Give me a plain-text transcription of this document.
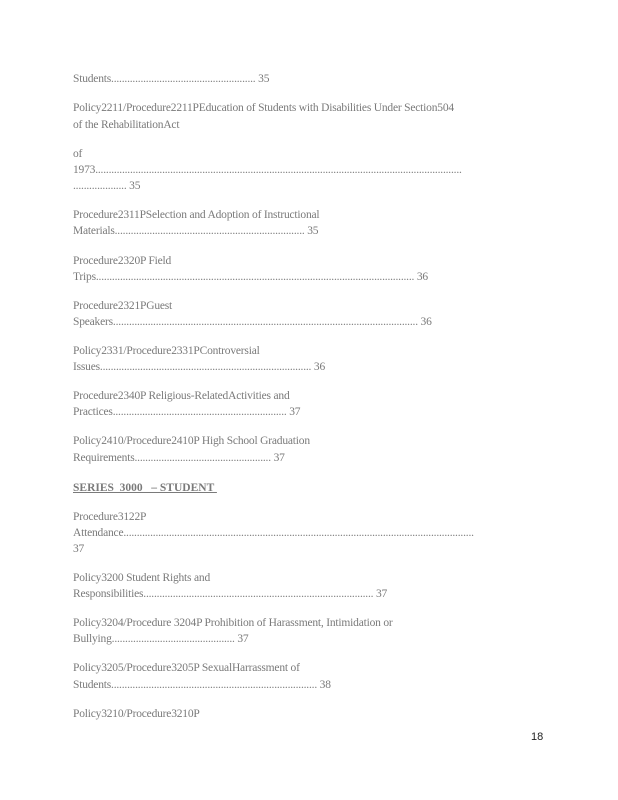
Students...................................................... 35
Policy2211/Procedure2211PEducation of Students with Disabilities Under Section504
of the RehabilitationAct
of
1973.........................................................................................................................................
.................... 35
Procedure2311PSelection and Adoption of Instructional
Materials....................................................................... 35
Procedure2320P Field
Trips....................................................................................................................... 36
Procedure2321PGuest
Speakers.................................................................................................................. 36
Policy2331/Procedure2331PControversial
Issues............................................................................... 36
Procedure2340P Religious-RelatedActivities and
Practices................................................................. 37
Policy2410/Procedure2410P High School Graduation
Requirements................................................... 37
SERIES  3000   – STUDENT
Procedure3122P
Attendance...................................................................................................................................
37
Policy3200 Student Rights and
Responsibilities...................................................................................... 37
Policy3204/Procedure 3204P Prohibition of Harassment, Intimidation or
Bullying.............................................. 37
Policy3205/Procedure3205P SexualHarrassment of
Students............................................................................. 38
Policy3210/Procedure3210P
18
